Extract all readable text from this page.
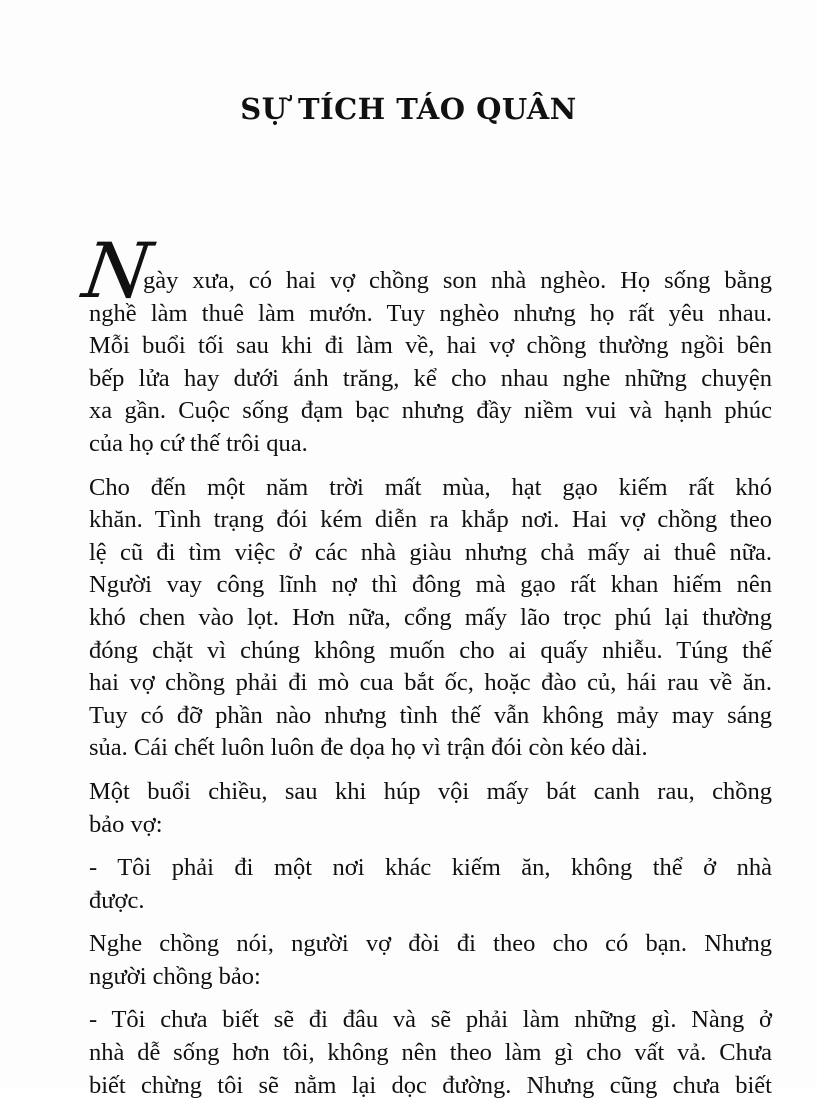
SỰ TÍCH TÁO QUÂN

N
gày xưa, có hai vợ chồng son nhà nghèo. Họ sống bằng
nghề làm thuê làm mướn. Tuy nghèo nhưng họ rất yêu nhau.
Mỗi buổi tối sau khi đi làm về, hai vợ chồng thường ngồi bên
bếp lửa hay dưới ánh trăng, kể cho nhau nghe những chuyện
xa gần. Cuộc sống đạm bạc nhưng đầy niềm vui và hạnh phúc
của họ cứ thế trôi qua.

Cho đến một năm trời mất mùa, hạt gạo kiếm rất khó
khăn. Tình trạng đói kém diễn ra khắp nơi. Hai vợ chồng theo
lệ cũ đi tìm việc ở các nhà giàu nhưng chả mấy ai thuê nữa.
Người vay công lĩnh nợ thì đông mà gạo rất khan hiếm nên
khó chen vào lọt. Hơn nữa, cổng mấy lão trọc phú lại thường
đóng chặt vì chúng không muốn cho ai quấy nhiễu. Túng thế
hai vợ chồng phải đi mò cua bắt ốc, hoặc đào củ, hái rau về ăn.
Tuy có đỡ phần nào nhưng tình thế vẫn không mảy may sáng
sủa. Cái chết luôn luôn đe dọa họ vì trận đói còn kéo dài.

Một buổi chiều, sau khi húp vội mấy bát canh rau, chồng
bảo vợ:

- Tôi phải đi một nơi khác kiếm ăn, không thể ở nhà
được.

Nghe chồng nói, người vợ đòi đi theo cho có bạn. Nhưng
người chồng bảo:

- Tôi chưa biết sẽ đi đâu và sẽ phải làm những gì. Nàng ở
nhà dễ sống hơn tôi, không nên theo làm gì cho vất vả. Chưa
biết chừng tôi sẽ nằm lại dọc đường. Nhưng cũng chưa biết
